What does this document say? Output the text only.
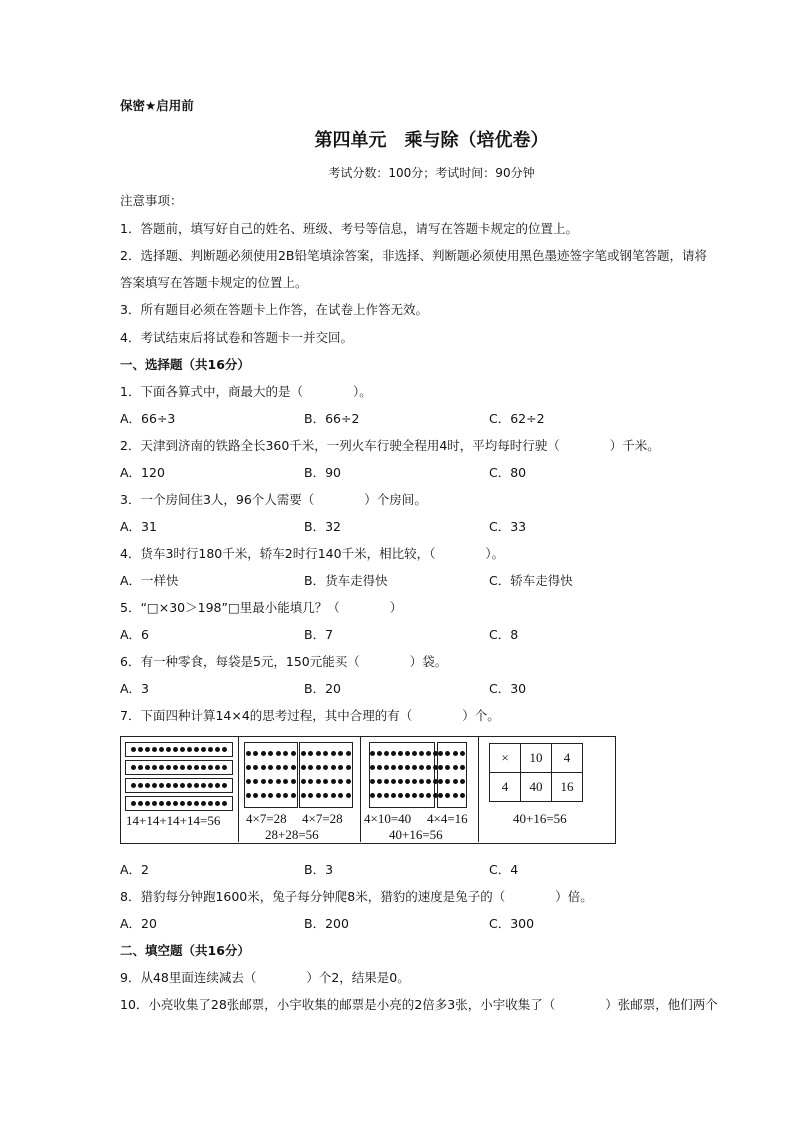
保密★启用前
第四单元　乘与除（培优卷）
考试分数：100分；考试时间：90分钟
注意事项：
1．答题前，填写好自己的姓名、班级、考号等信息，请写在答题卡规定的位置上。
2．选择题、判断题必须使用2B铅笔填涂答案，非选择、判断题必须使用黑色墨迹签字笔或钢笔答题，请将
答案填写在答题卡规定的位置上。
3．所有题目必须在答题卡上作答，在试卷上作答无效。
4．考试结束后将试卷和答题卡一并交回。
一、选择题（共16分）
1．下面各算式中，商最大的是（　　　　）。
A．66÷3	B．66÷2	C．62÷2
2．天津到济南的铁路全长360千米，一列火车行驶全程用4时，平均每时行驶（　　　　）千米。
A．120	B．90	C．80
3．一个房间住3人，96个人需要（　　　　）个房间。
A．31	B．32	C．33
4．货车3时行180千米，轿车2时行140千米，相比较，（　　　　）。
A．一样快	B．货车走得快	C．轿车走得快
5．“□×30＞198”□里最小能填几？（　　　　）
A．6	B．7	C．8
6．有一种零食，每袋是5元，150元能买（　　　　）袋。
A．3	B．20	C．30
7．下面四种计算14×4的思考过程，其中合理的有（　　　　）个。
14+14+14+14=56 4×7=28 4×7=28
28+28=56
4×10=40 4×4=16
40+16=56
×	10	4
4	40	16
40+16=56
A．2	B．3	C．4
8．猎豹每分钟跑1600米，兔子每分钟爬8米，猎豹的速度是兔子的（　　　　）倍。
A．20	B．200	C．300
二、填空题（共16分）
9．从48里面连续减去（　　　　）个2，结果是0。
10．小亮收集了28张邮票，小宇收集的邮票是小亮的2倍多3张，小宇收集了（　　　　）张邮票，他们两个
